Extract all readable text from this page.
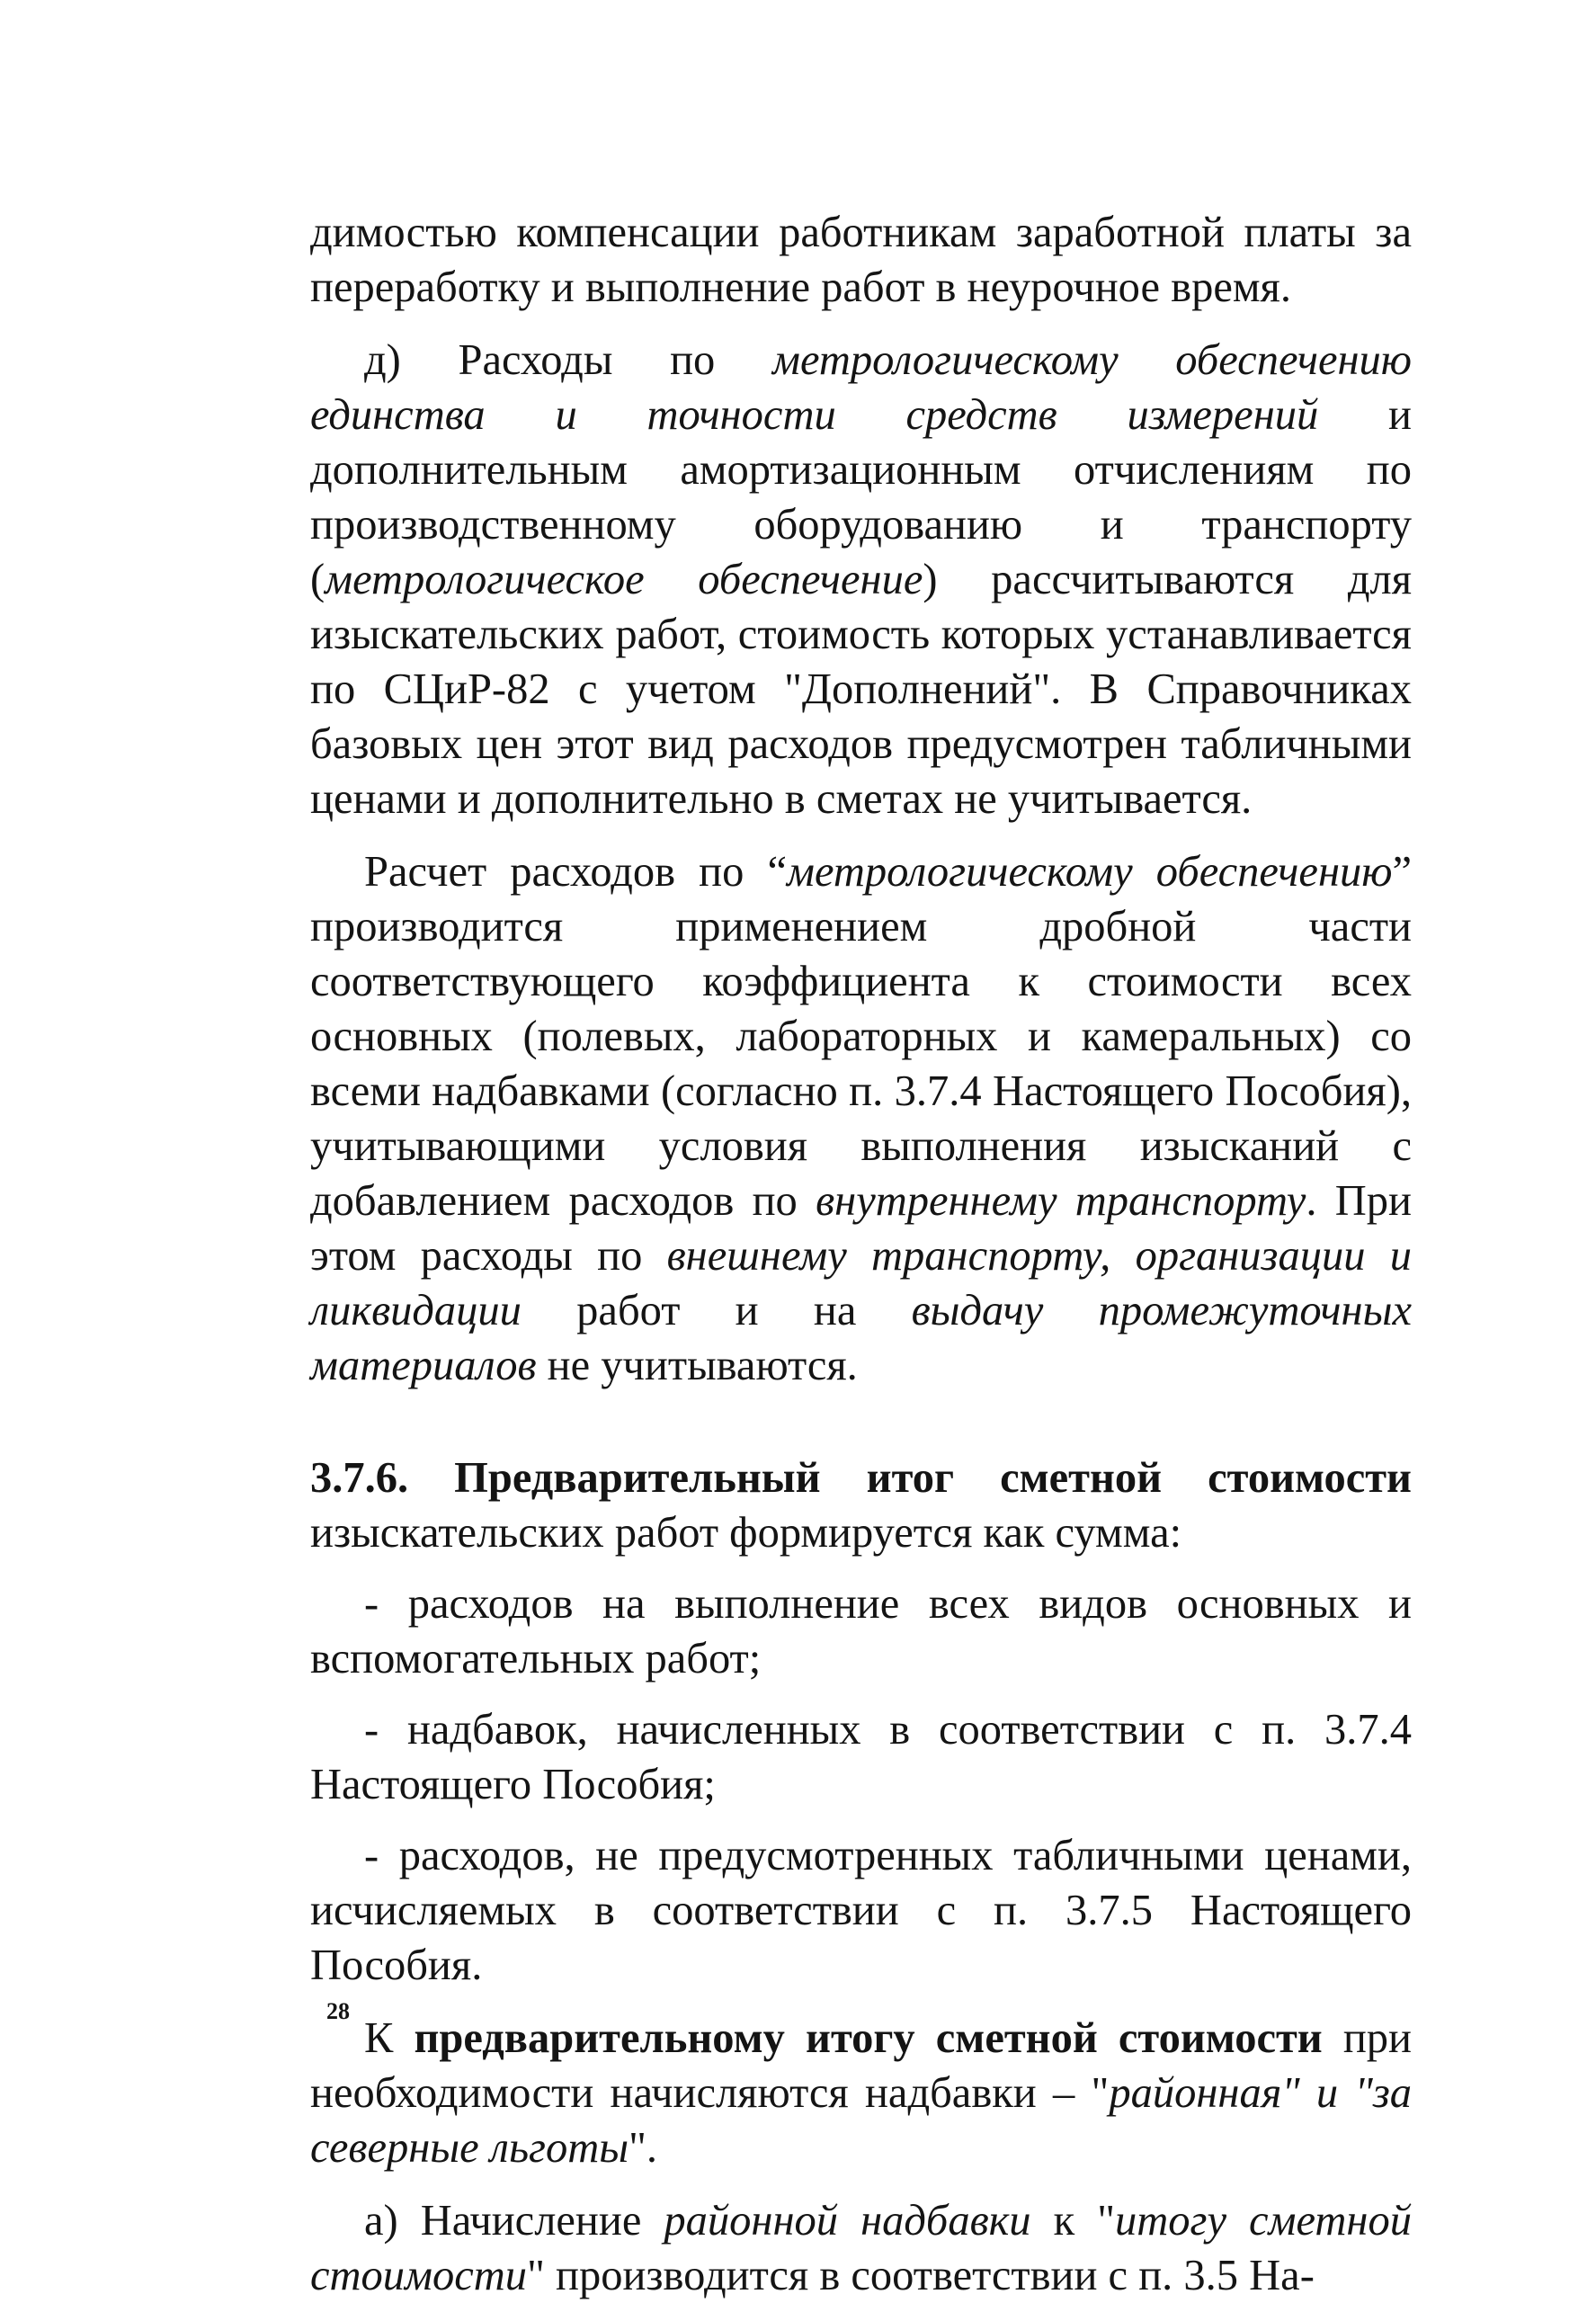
димостью компенсации работникам заработной платы за переработку и выполнение работ в неурочное время.

д) Расходы по метрологическому обеспечению единства и точности средств измерений и дополнительным амортизационным отчислениям по производственному оборудованию и транспорту (метрологическое обеспечение) рассчитываются для изыскательских работ, стоимость которых устанавливается по СЦиР-82 с учетом "Дополнений". В Справочниках базовых цен этот вид расходов предусмотрен табличными ценами и дополнительно в сметах не учитывается.

Расчет расходов по “метрологическому обеспечению” производится применением дробной части соответствующего коэффициента к стоимости всех основных (полевых, лабораторных и камеральных) со всеми надбавками (согласно п. 3.7.4 Настоящего Пособия), учитывающими условия выполнения изысканий с добавлением расходов по внутреннему транспорту. При этом расходы по внешнему транспорту, организации и ликвидации работ и на выдачу промежуточных материалов не учитываются.

3.7.6. Предварительный итог сметной стоимости изыскательских работ формируется как сумма:

- расходов на выполнение всех видов основных и вспомогательных работ;

- надбавок, начисленных в соответствии с п. 3.7.4 Настоящего Пособия;

- расходов, не предусмотренных табличными ценами, исчисляемых в соответствии с п. 3.7.5 Настоящего Пособия.

К предварительному итогу сметной стоимости при необходимости начисляются надбавки – "районная" и "за северные льготы".

а) Начисление районной надбавки к "итогу сметной стоимости" производится в соответствии с п. 3.5 На-

28
